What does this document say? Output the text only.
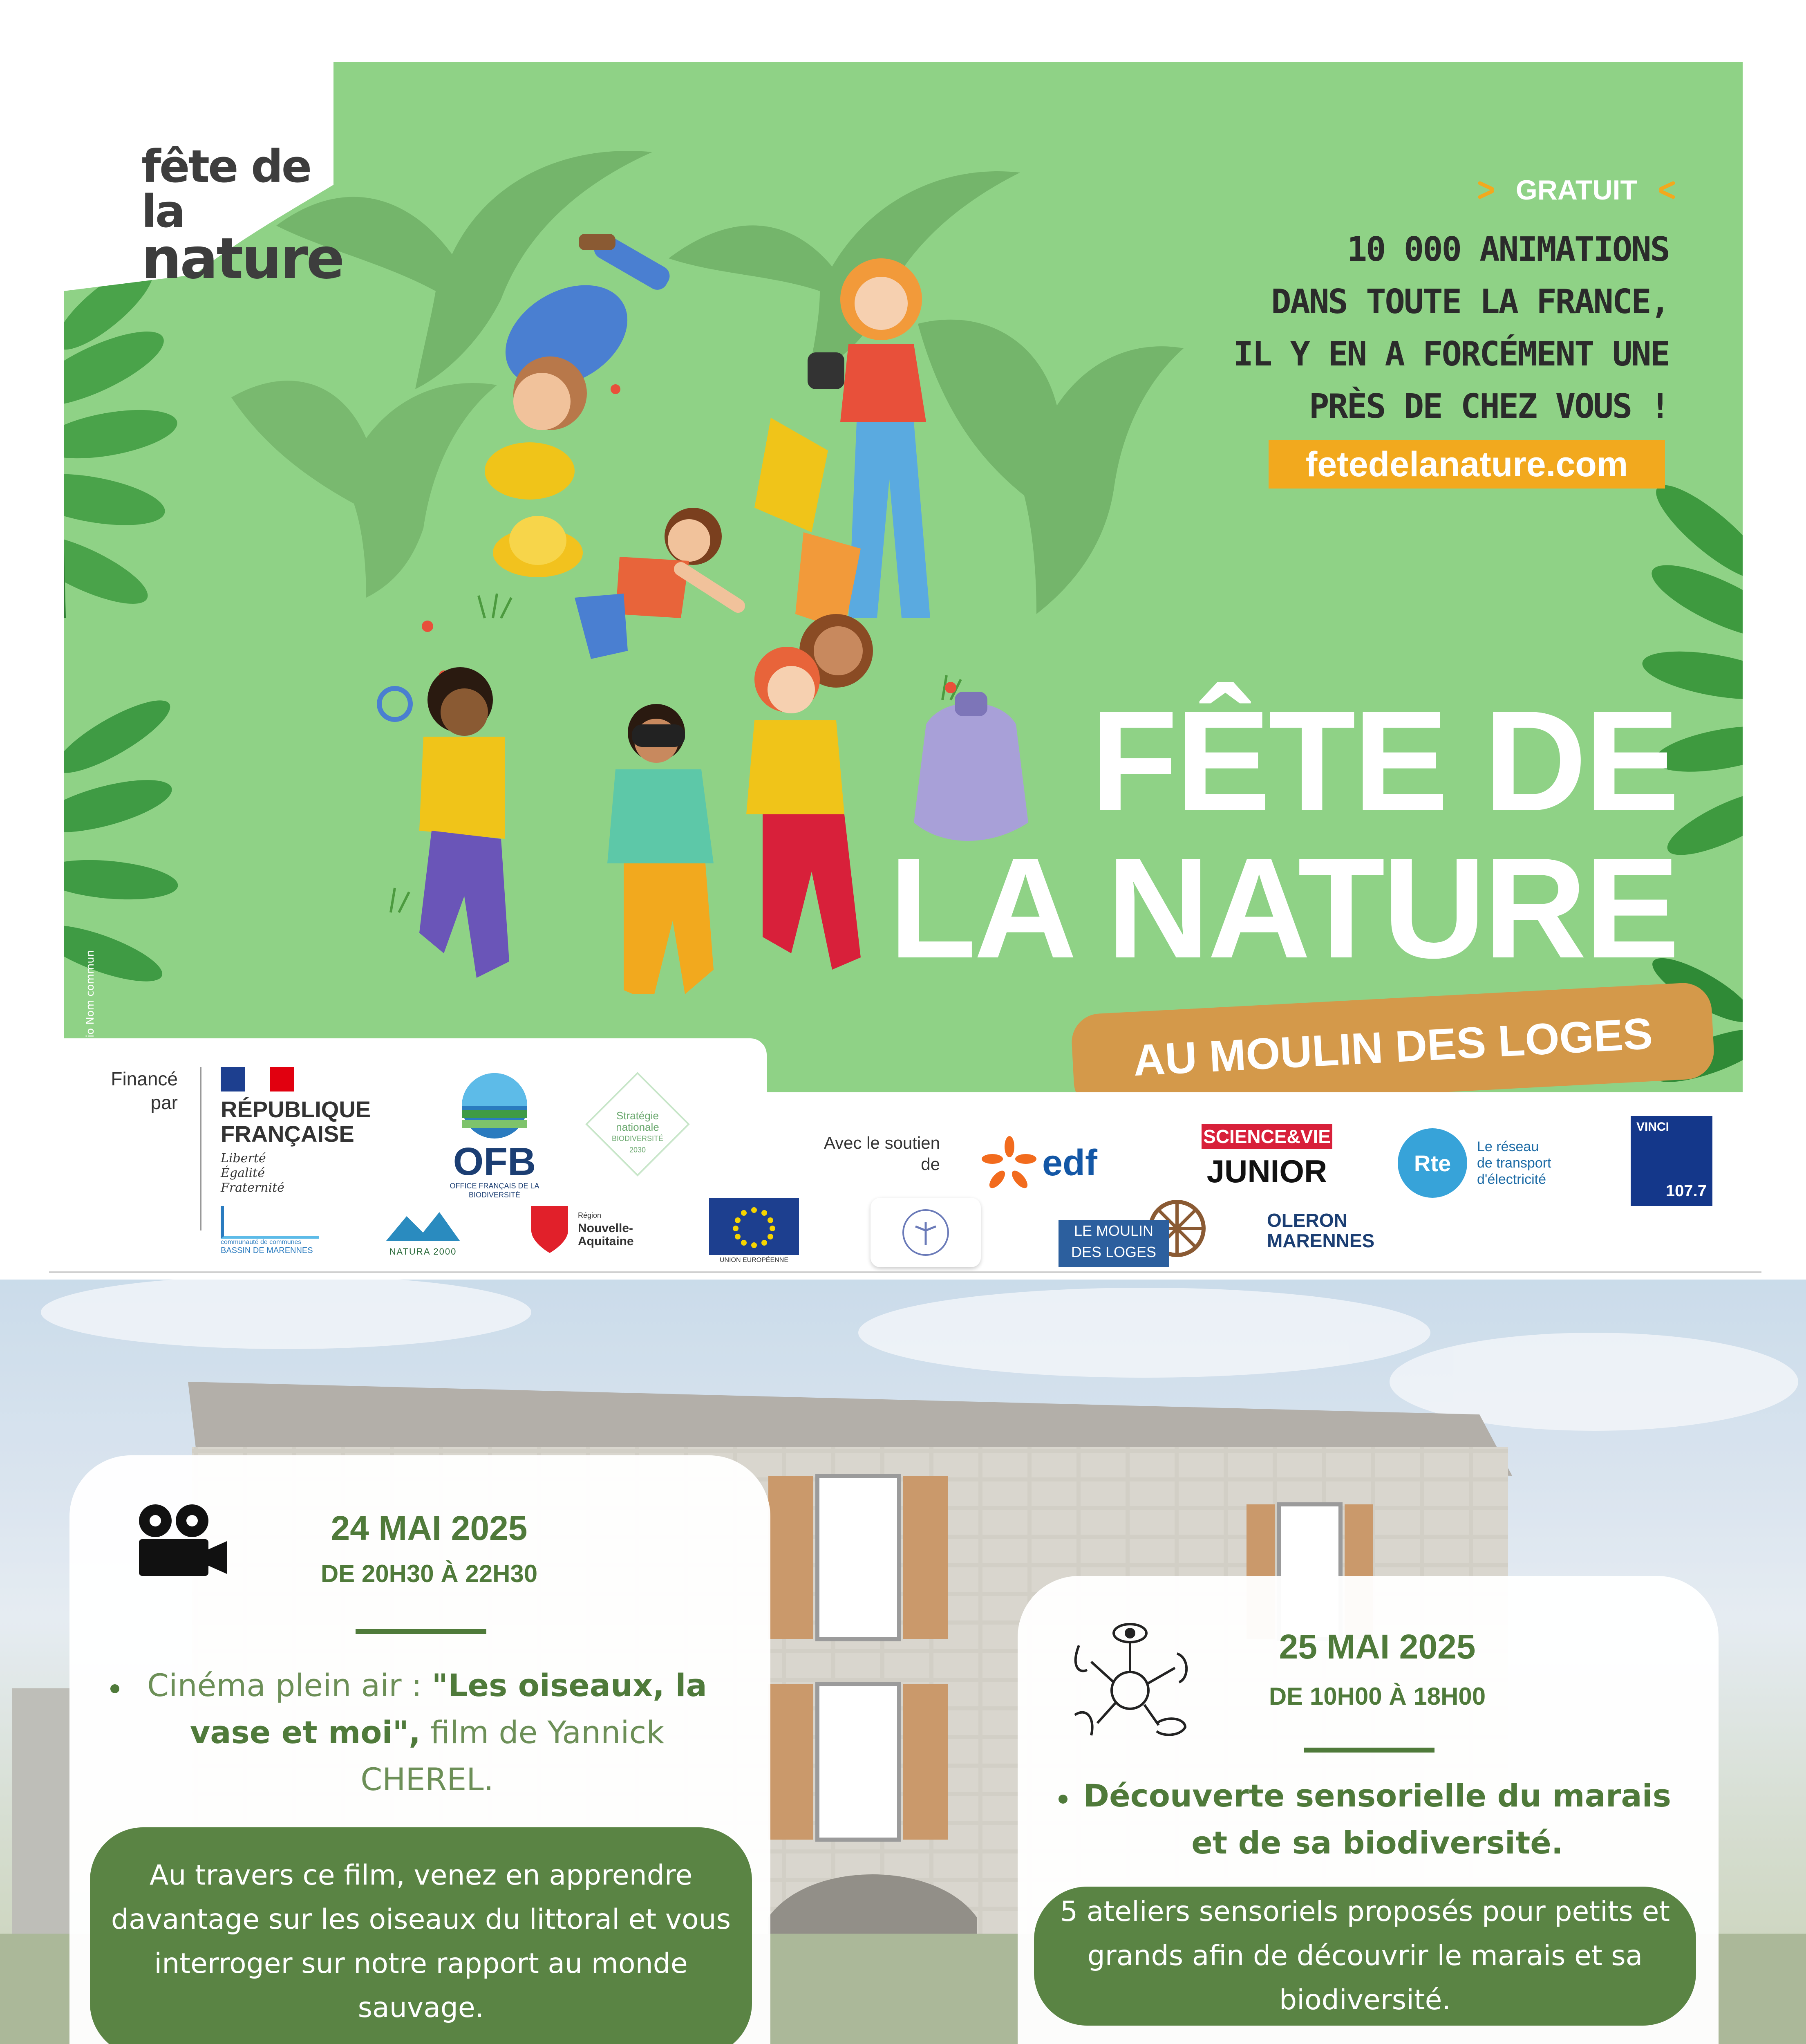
fête de la
nature
GRATUIT
10 000 ANIMATIONS
DANS TOUTE LA FRANCE,
IL Y EN A FORCÉMENT UNE
PRÈS DE CHEZ VOUS !
fetedelanature.com
FÊTE DE
LA NATURE
AU MOULIN DES LOGES
© Studio Nom commun
Financé
par RÉPUBLIQUE
FRANÇAISE
Liberté
Égalité
Fraternité
OFB
OFFICE FRANÇAIS DE LA BIODIVERSITÉ
Stratégie
nationale
BIODIVERSITÉ
2030	Avec le soutien
de	edf
SCIENCE&VIE
JUNIOR	Rte
Le réseau
de transport
d'électricité
VINCI
107.7
communauté de communes
BASSIN DE MARENNES	NATURA 2000
Région
Nouvelle-
Aquitaine
UNION EUROPÉENNE
LE MOULIN
DES LOGES
OLERON
MARENNES
24 MAI 2025
DE 20H30 À 22H30
Cinéma plein air : "Les oiseaux, la vase et moi", film de Yannick CHEREL.
Au travers ce film, venez en apprendre davantage sur les oiseaux du littoral et vous interroger sur notre rapport au monde sauvage.
25 MAI 2025
DE 10H00 À 18H00
Découverte sensorielle du marais et de sa biodiversité.
5 ateliers sensoriels proposés pour petits et grands afin de découvrir le marais et sa biodiversité.
